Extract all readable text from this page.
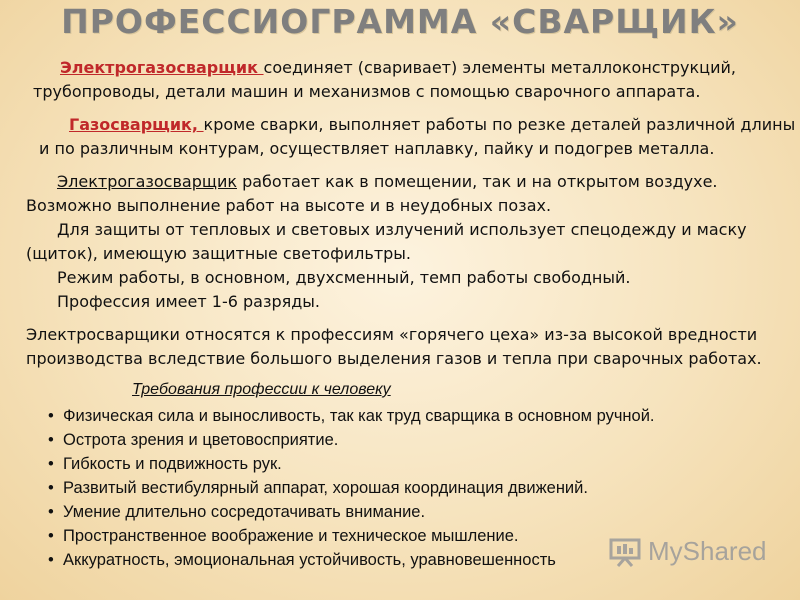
ПРОФЕССИОГРАММА «СВАРЩИК»
Электрогазосварщик соединяет (сваривает) элементы металлоконструкций,
трубопроводы, детали машин и механизмов с помощью сварочного аппарата.
Газосварщик, кроме сварки, выполняет работы по резке деталей различной длины
и по различным контурам, осуществляет наплавку, пайку и подогрев металла.
Электрогазосварщик работает как в помещении, так и на открытом воздухе.
Возможно выполнение работ на высоте и в неудобных позах.
Для защиты от тепловых и световых излучений использует спецодежду и маску
(щиток), имеющую защитные светофильтры.
Режим работы, в основном, двухсменный, темп работы свободный.
Профессия имеет 1-6 разряды.
Электросварщики относятся к профессиям «горячего цеха» из-за высокой вредности
производства вследствие большого выделения газов и тепла при сварочных работах.
Требования профессии к человеку
• Физическая сила и выносливость, так как труд сварщика в основном ручной.
• Острота зрения и цветовосприятие.
• Гибкость и подвижность рук.
• Развитый вестибулярный аппарат, хорошая координация движений.
• Умение длительно сосредотачивать внимание.
• Пространственное воображение и техническое мышление.
• Аккуратность, эмоциональная устойчивость, уравновешенность	MyShared
